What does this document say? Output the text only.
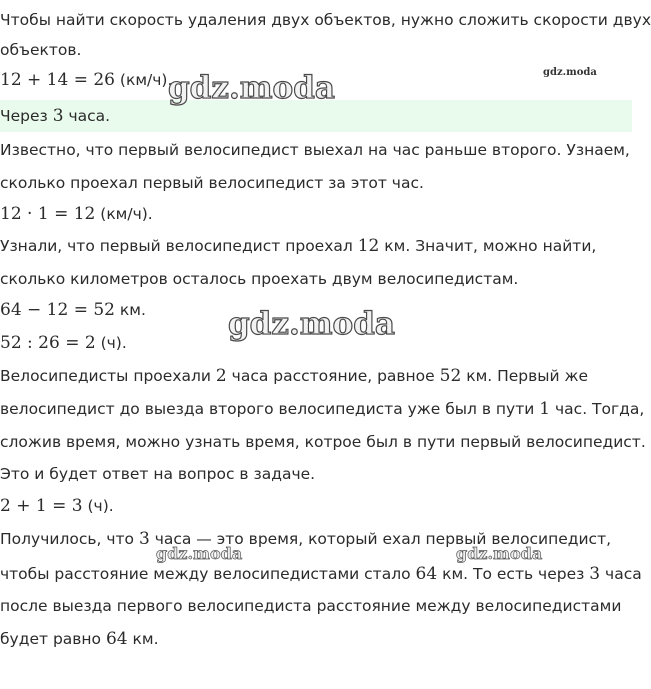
Чтобы найти скорость удаления двух объектов, нужно сложить скорости двух
объектов.
12 + 14 = 26 (км/ч).
Через 3 часа.
Известно, что первый велосипедист выехал на час раньше второго. Узнаем,
сколько проехал первый велосипедист за этот час.
12 · 1 = 12 (км/ч).
Узнали, что первый велосипедист проехал 12 км. Значит, можно найти,
сколько километров осталось проехать двум велосипедистам.
64 − 12 = 52 км.
52 : 26 = 2 (ч).
Велосипедисты проехали 2 часа расстояние, равное 52 км. Первый же
велосипедист до выезда второго велосипедиста уже был в пути 1 час. Тогда,
сложив время, можно узнать время, котрое был в пути первый велосипедист.
Это и будет ответ на вопрос в задаче.
2 + 1 = 3 (ч).
Получилось, что 3 часа — это время, который ехал первый велосипедист,
чтобы расстояние между велосипедистами стало 64 км. То есть через 3 часа
после выезда первого велосипедиста расстояние между велосипедистами
будет равно 64 км.
gdz.moda
gdz.moda
gdz.moda
gdz.moda	gdz.moda
